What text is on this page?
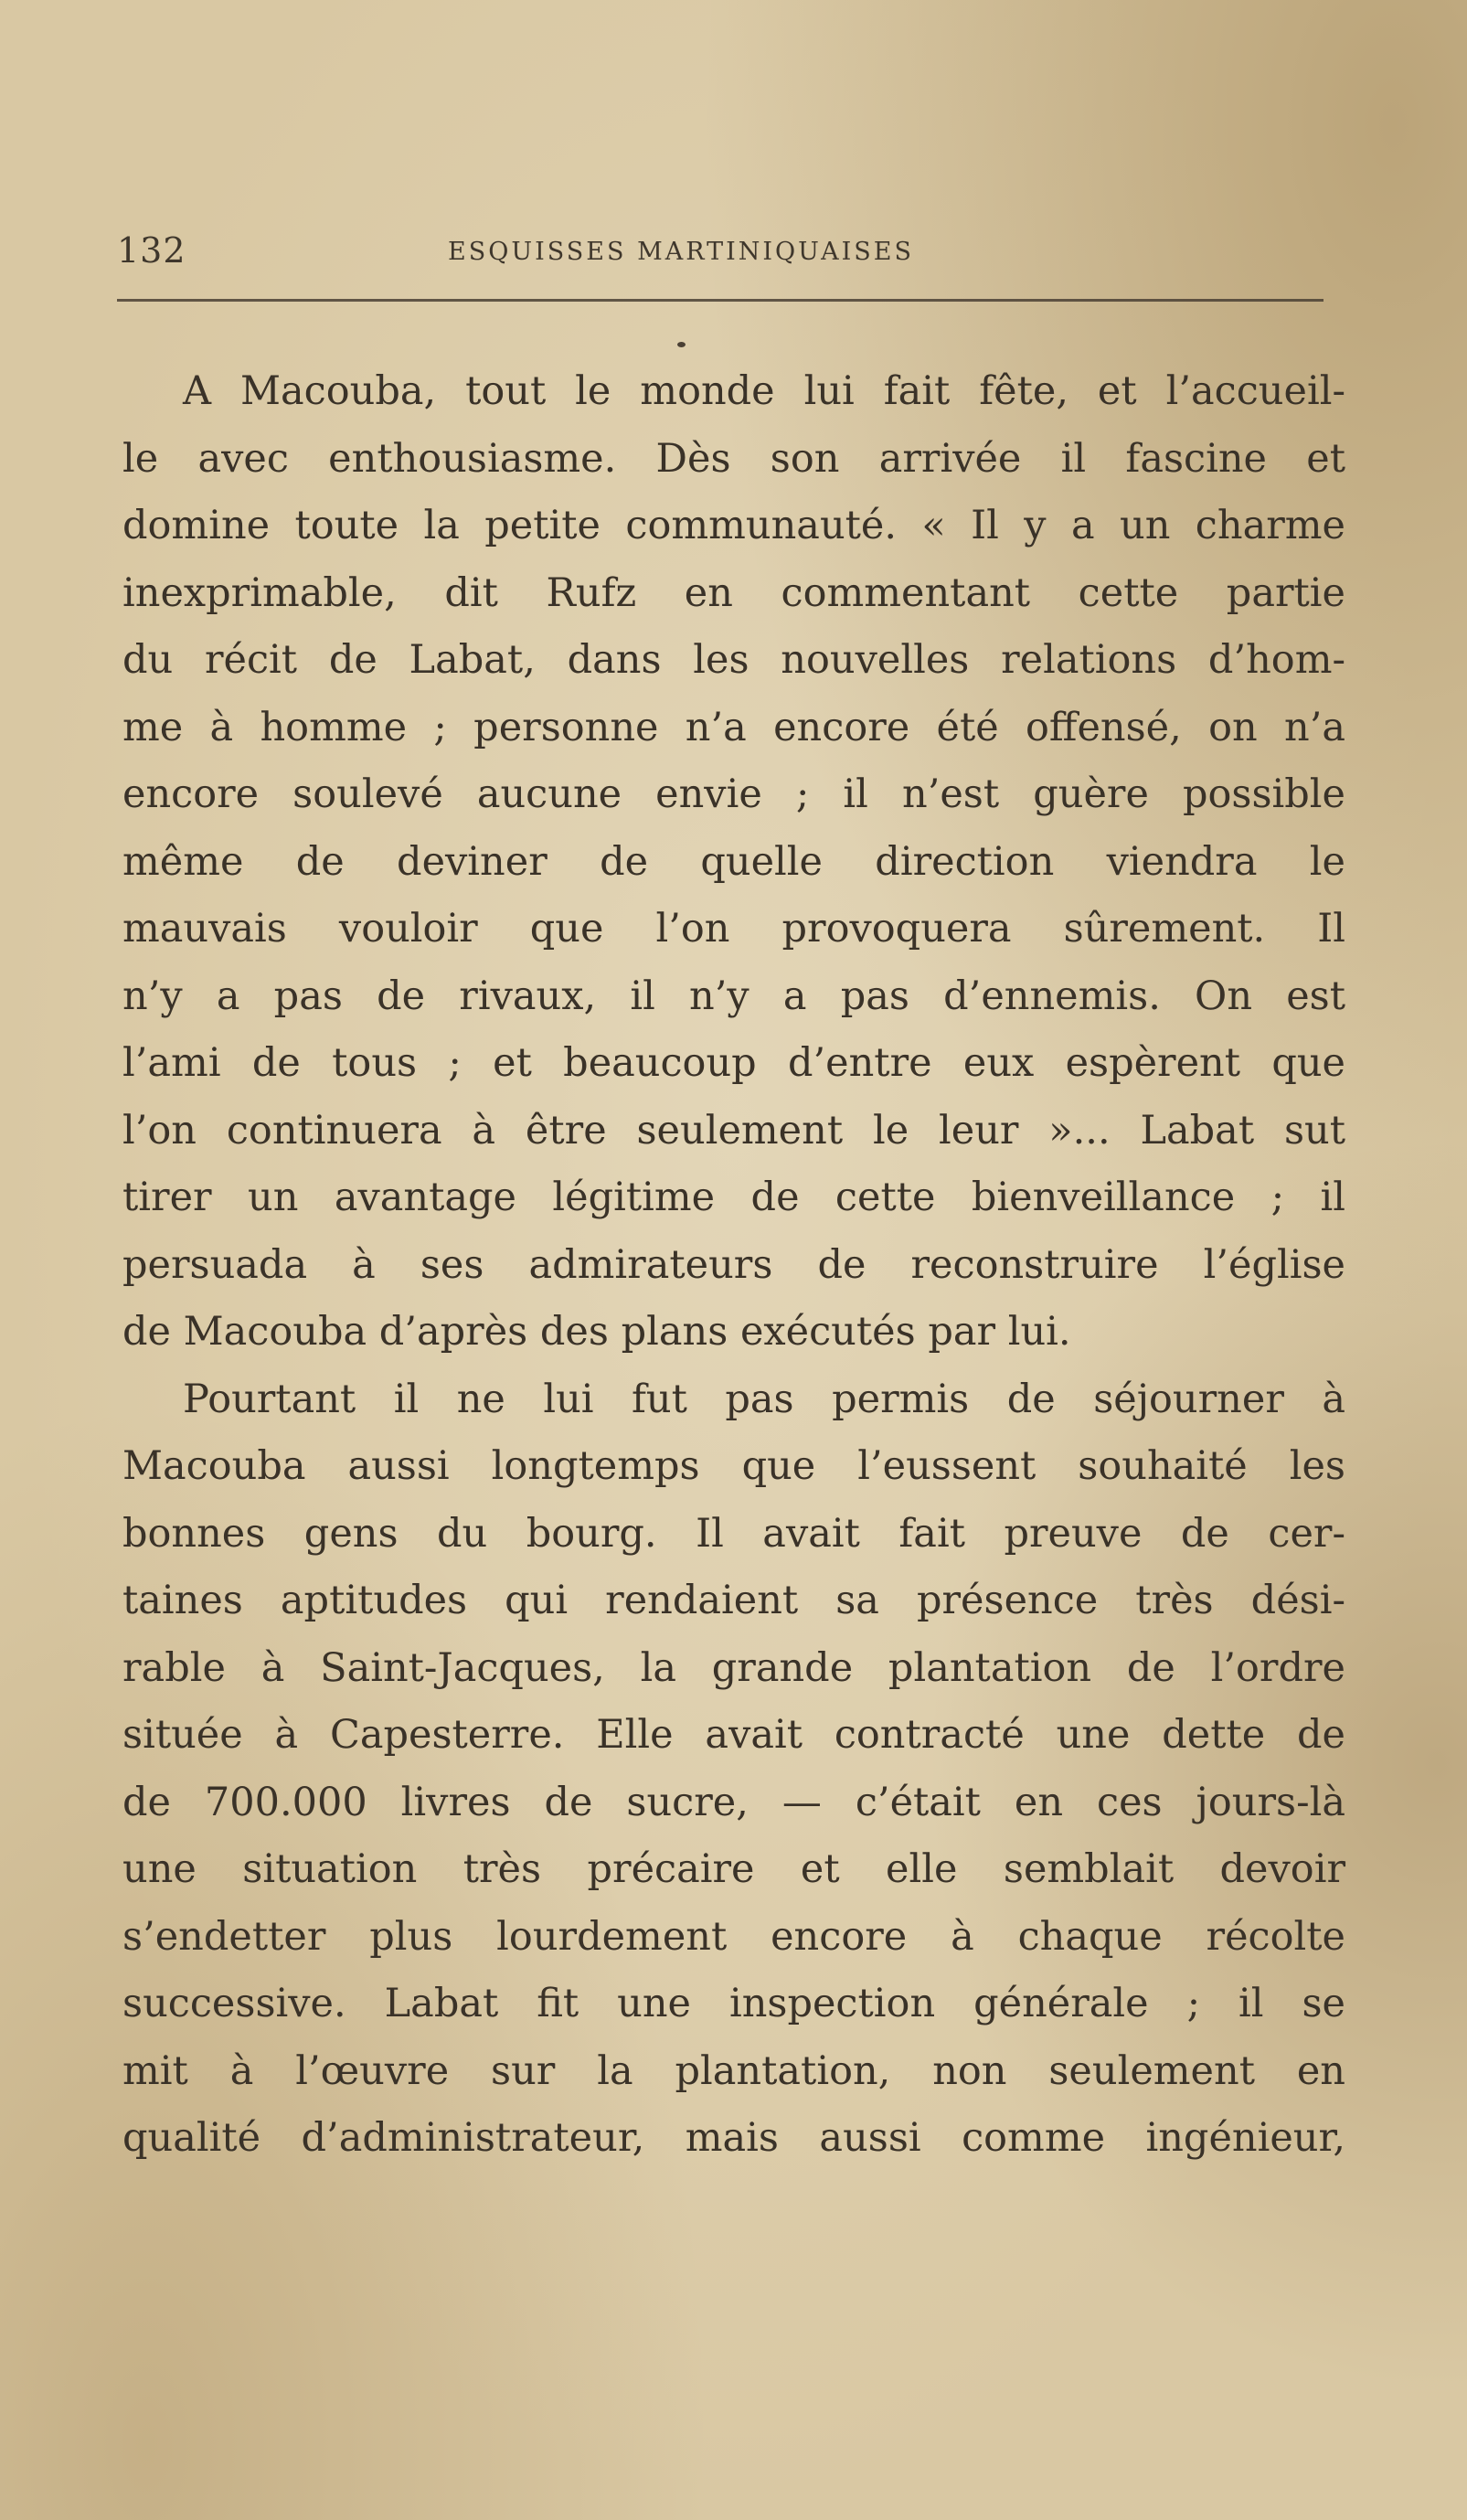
132	ESQUISSES MARTINIQUAISES
A Macouba, tout le monde lui fait fête, et l’accueil-
le avec enthousiasme. Dès son arrivée il fascine et
domine toute la petite communauté. « Il y a un charme
inexprimable, dit Rufz en commentant cette partie
du récit de Labat, dans les nouvelles relations d’hom-
me à homme ; personne n’a encore été offensé, on n’a
encore soulevé aucune envie ; il n’est guère possible
même de deviner de quelle direction viendra le
mauvais vouloir que l’on provoquera sûrement. Il
n’y a pas de rivaux, il n’y a pas d’ennemis. On est
l’ami de tous ; et beaucoup d’entre eux espèrent que
l’on continuera à être seulement le leur »... Labat sut
tirer un avantage légitime de cette bienveillance ; il
persuada à ses admirateurs de reconstruire l’église
de Macouba d’après des plans exécutés par lui.
Pourtant il ne lui fut pas permis de séjourner à
Macouba aussi longtemps que l’eussent souhaité les
bonnes gens du bourg. Il avait fait preuve de cer-
taines aptitudes qui rendaient sa présence très dési-
rable à Saint-Jacques, la grande plantation de l’ordre
située à Capesterre. Elle avait contracté une dette de
de 700.000 livres de sucre, — c’était en ces jours-là
une situation très précaire et elle semblait devoir
s’endetter plus lourdement encore à chaque récolte
successive. Labat fit une inspection générale ; il se
mit à l’œuvre sur la plantation, non seulement en
qualité d’administrateur, mais aussi comme ingénieur,
